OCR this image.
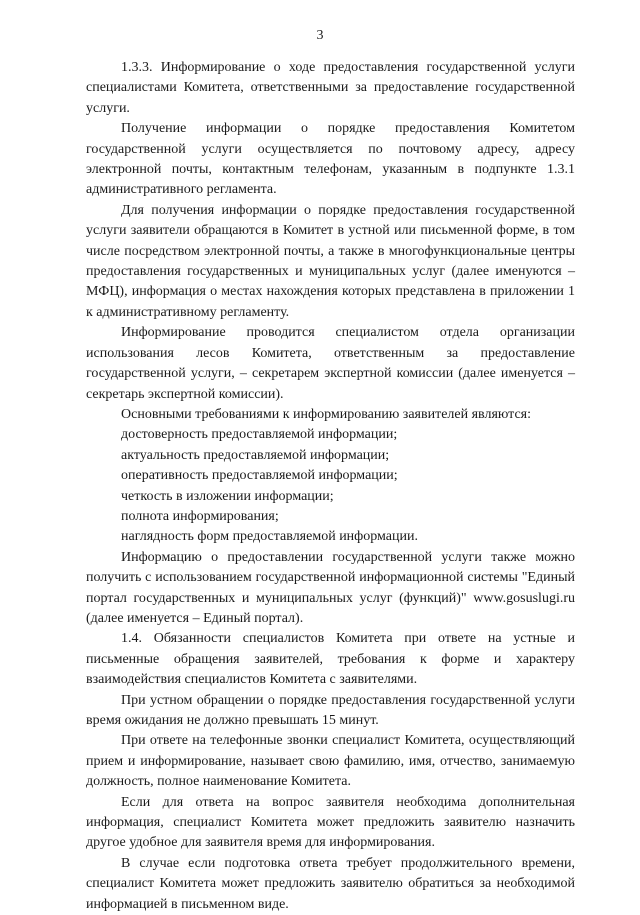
3

1.3.3. Информирование о ходе предоставления государственной услуги специалистами Комитета, ответственными за предоставление государственной услуги.

Получение информации о порядке предоставления Комитетом государственной услуги осуществляется по почтовому адресу, адресу электронной почты, контактным телефонам, указанным в подпункте 1.3.1 административного регламента.

Для получения информации о порядке предоставления государственной услуги заявители обращаются в Комитет в устной или письменной форме, в том числе посредством электронной почты, а также в многофункциональные центры предоставления государственных и муниципальных услуг (далее именуются – МФЦ), информация о местах нахождения которых представлена в приложении 1 к административному регламенту.

Информирование проводится специалистом отдела организации использования лесов Комитета, ответственным за предоставление государственной услуги, – секретарем экспертной комиссии (далее именуется – секретарь экспертной комиссии).

Основными требованиями к информированию заявителей являются:

достоверность предоставляемой информации;

актуальность предоставляемой информации;

оперативность предоставляемой информации;

четкость в изложении информации;

полнота информирования;

наглядность форм предоставляемой информации.

Информацию о предоставлении государственной услуги также можно получить с использованием государственной информационной системы "Единый портал государственных и муниципальных услуг (функций)" www.gosuslugi.ru (далее именуется – Единый портал).

1.4. Обязанности специалистов Комитета при ответе на устные и письменные обращения заявителей, требования к форме и характеру взаимодействия специалистов Комитета с заявителями.

При устном обращении о порядке предоставления государственной услуги время ожидания не должно превышать 15 минут.

При ответе на телефонные звонки специалист Комитета, осуществляющий прием и информирование, называет свою фамилию, имя, отчество, занимаемую должность, полное наименование Комитета.

Если для ответа на вопрос заявителя необходима дополнительная информация, специалист Комитета может предложить заявителю назначить другое удобное для заявителя время для информирования.

В случае если подготовка ответа требует продолжительного времени, специалист Комитета может предложить заявителю обратиться за необходимой информацией в письменном виде.
